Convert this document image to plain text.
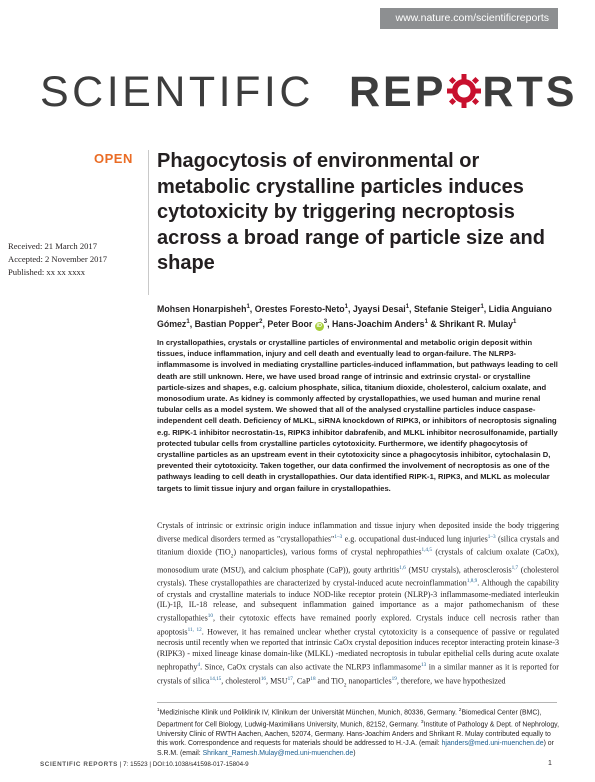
www.nature.com/scientificreports
SCIENTIFIC REP RTS
OPEN Phagocytosis of environmental or metabolic crystalline particles induces cytotoxicity by triggering necroptosis across a broad range of particle size and shape
Received: 21 March 2017
Accepted: 2 November 2017
Published: xx xx xxxx
Mohsen Honarpisheh$^1$, Orestes Foresto-Neto$^1$, Jyaysi Desai$^1$, Stefanie Steiger$^1$, Lidia Anguiano Gómez$^1$, Bastian Popper$^2$, Peter Boor $iD^3$, Hans-Joachim Anders$^1$ & Shrikant R. Mulay$^1$

In crystallopathies, crystals or crystalline particles of environmental and metabolic origin deposit within tissues, induce inflammation, injury and cell death and eventually lead to organ-failure. The NLRP3-inflammasome is involved in mediating crystalline particles-induced inflammation, but pathways leading to cell death are still unknown. Here, we have used broad range of intrinsic and extrinsic crystal- or crystalline particle-sizes and shapes, e.g. calcium phosphate, silica, titanium dioxide, cholesterol, calcium oxalate, and monosodium urate. As kidney is commonly affected by crystallopathies, we used human and murine renal tubular cells as a model system. We showed that all of the analysed crystalline particles induce caspase-independent cell death. Deficiency of MLKL, siRNA knockdown of RIPK3, or inhibitors of necroptosis signaling e.g. RIPK-1 inhibitor necrostatin-1s, RIPK3 inhibitor dabrafenib, and MLKL inhibitor necrosulfonamide, partially protected tubular cells from crystalline particles cytotoxicity. Furthermore, we identify phagocytosis of crystalline particles as an upstream event in their cytotoxicity since a phagocytosis inhibitor, cytochalasin D, prevented their cytotoxicity. Taken together, our data confirmed the involvement of necroptosis as one of the pathways leading to cell death in crystallopathies. Our data identified RIPK-1, RIPK3, and MLKL as molecular targets to limit tissue injury and organ failure in crystallopathies.

Crystals of intrinsic or extrinsic origin induce inflammation and tissue injury when deposited inside the body triggering diverse medical disorders termed as "crystallopathies"$^{1-3}$ e.g. occupational dust-induced lung injuries$^{1-3}$ (silica crystals and titanium dioxide (TiO$_2$) nanoparticles), various forms of crystal nephropathies$^{1,4,5}$ (crystals of calcium oxalate (CaOx), monosodium urate (MSU), and calcium phosphate (CaP)), gouty arthritis$^{1,6}$ (MSU crystals), atherosclerosis$^{1,7}$ (cholesterol crystals). These crystallopathies are characterized by crystal-induced acute necroinflammation$^{1,8,9}$. Although the capability of crystals and crystalline materials to induce NOD-like receptor protein (NLRP)-3 inflammasome-mediated interleukin (IL)-1β, IL-18 release, and subsequent inflammation gained importance as a major pathomechanism of these crystallopathies$^{10}$, their cytotoxic effects have remained poorly explored. Crystals induce cell necrosis rather than apoptosis$^{11, 12}$. However, it has remained unclear whether crystal cytotoxicity is a consequence of passive or regulated necrosis until recently when we reported that intrinsic CaOx crystal deposition induces receptor interacting protein kinase-3 (RIPK3) - mixed lineage kinase domain-like (MLKL) -mediated necroptosis in tubular epithelial cells during acute oxalate nephropathy$^4$. Since, CaOx crystals can also activate the NLRP3 inflammasome$^{13}$ in a similar manner as it is reported for crystals of silica$^{14,15}$, cholesterol$^{16}$, MSU$^{17}$, CaP$^{18}$ and TiO$_2$ nanoparticles$^{19}$, therefore, we have hypothesized

$^1$Medizinische Klinik und Poliklinik IV, Klinikum der Universität München, Munich, 80336, Germany. $^2$Biomedical Center (BMC), Department for Cell Biology, Ludwig-Maximilians University, Munich, 82152, Germany. $^3$Institute of Pathology & Dept. of Nephrology, University Clinic of RWTH Aachen, Aachen, 52074, Germany. Hans-Joachim Anders and Shrikant R. Mulay contributed equally to this work. Correspondence and requests for materials should be addressed to H.-J.A. (email: hjanders@med.uni-muenchen.de) or S.R.M. (email: Shrikant_Ramesh.Mulay@med.uni-muenchen.de)

SCIENTIFIC REPORTS | 7: 15523 | DOI:10.1038/s41598-017-15804-9	1
